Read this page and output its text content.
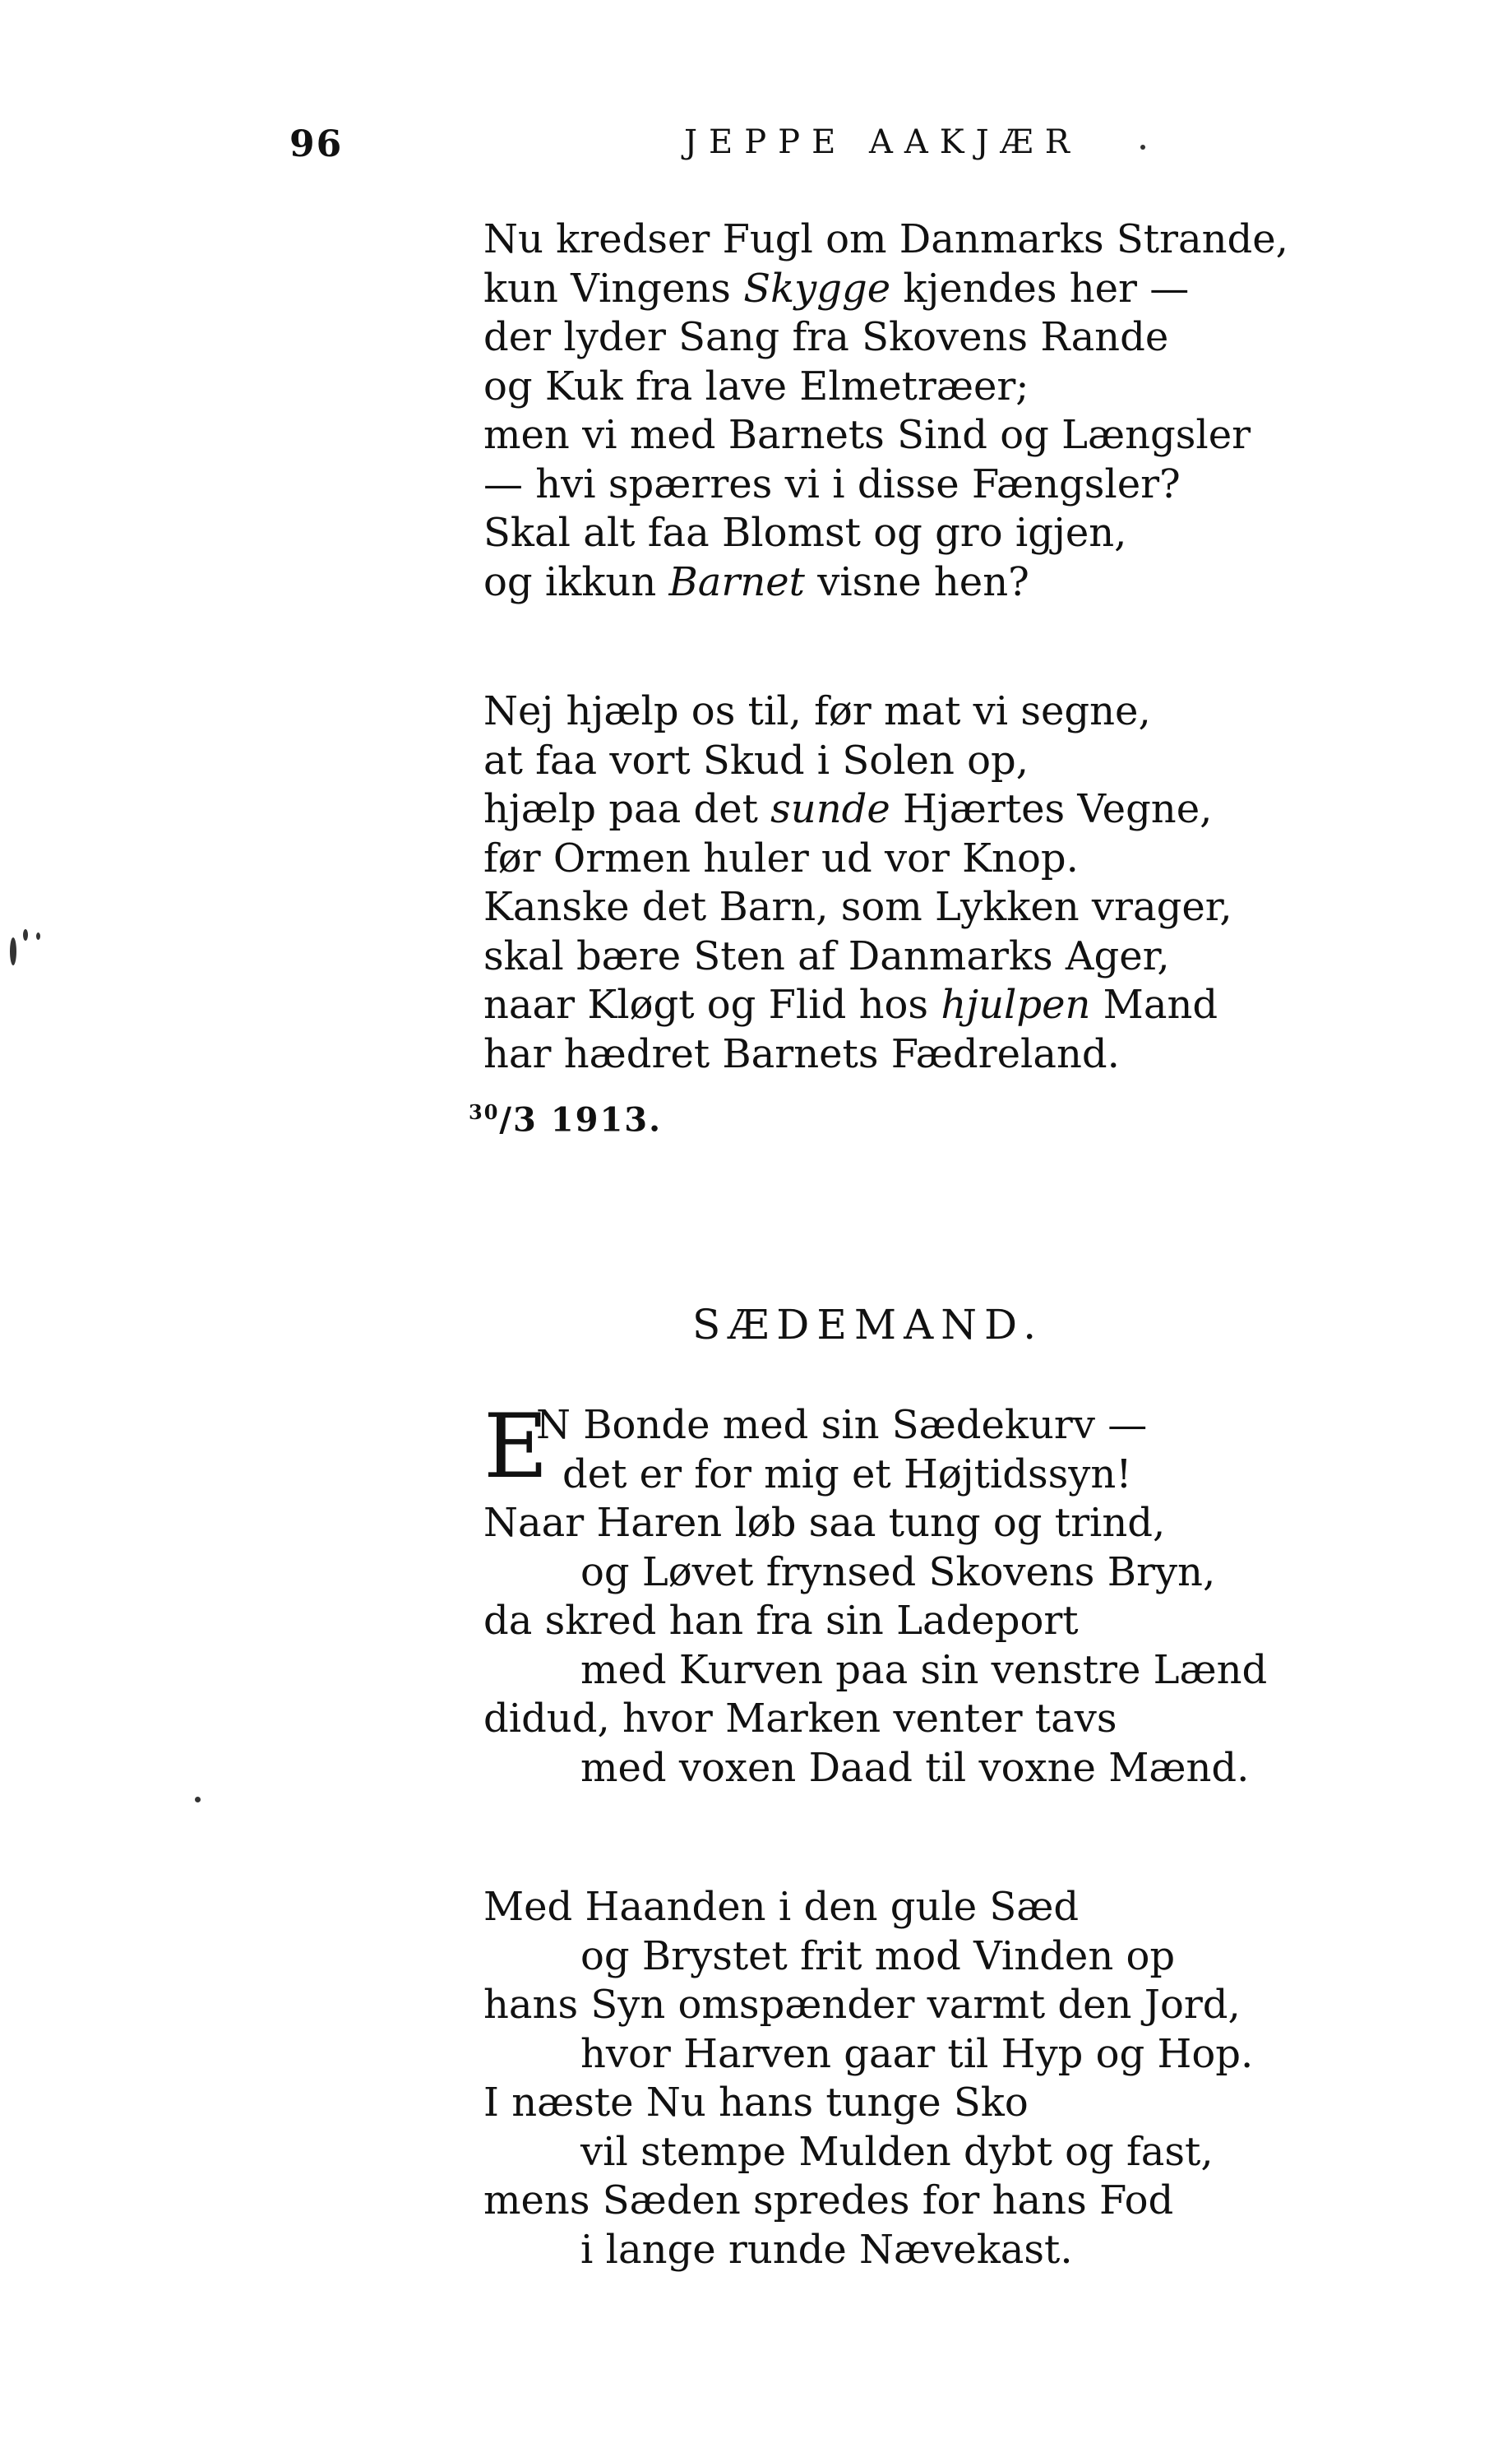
96	JEPPE AAKJÆR
Nu kredser Fugl om Danmarks Strande,
kun Vingens Skygge kjendes her —
der lyder Sang fra Skovens Rande
og Kuk fra lave Elmetræer;
men vi med Barnets Sind og Længsler
— hvi spærres vi i disse Fængsler?
Skal alt faa Blomst og gro igjen,
og ikkun Barnet visne hen?
Nej hjælp os til, før mat vi segne,
at faa vort Skud i Solen op,
hjælp paa det sunde Hjærtes Vegne,
før Ormen huler ud vor Knop.
Kanske det Barn, som Lykken vrager,
skal bære Sten af Danmarks Ager,
naar Kløgt og Flid hos hjulpen Mand
har hædret Barnets Fædreland.
$^{30}$/3 1913.
SÆDEMAND.
E
N Bonde med sin Sædekurv —
det er for mig et Højtidssyn!
Naar Haren løb saa tung og trind,
og Løvet frynsed Skovens Bryn,
da skred han fra sin Ladeport
med Kurven paa sin venstre Lænd
didud, hvor Marken venter tavs
med voxen Daad til voxne Mænd.
Med Haanden i den gule Sæd
og Brystet frit mod Vinden op
hans Syn omspænder varmt den Jord,
hvor Harven gaar til Hyp og Hop.
I næste Nu hans tunge Sko
vil stempe Mulden dybt og fast,
mens Sæden spredes for hans Fod
i lange runde Nævekast.
